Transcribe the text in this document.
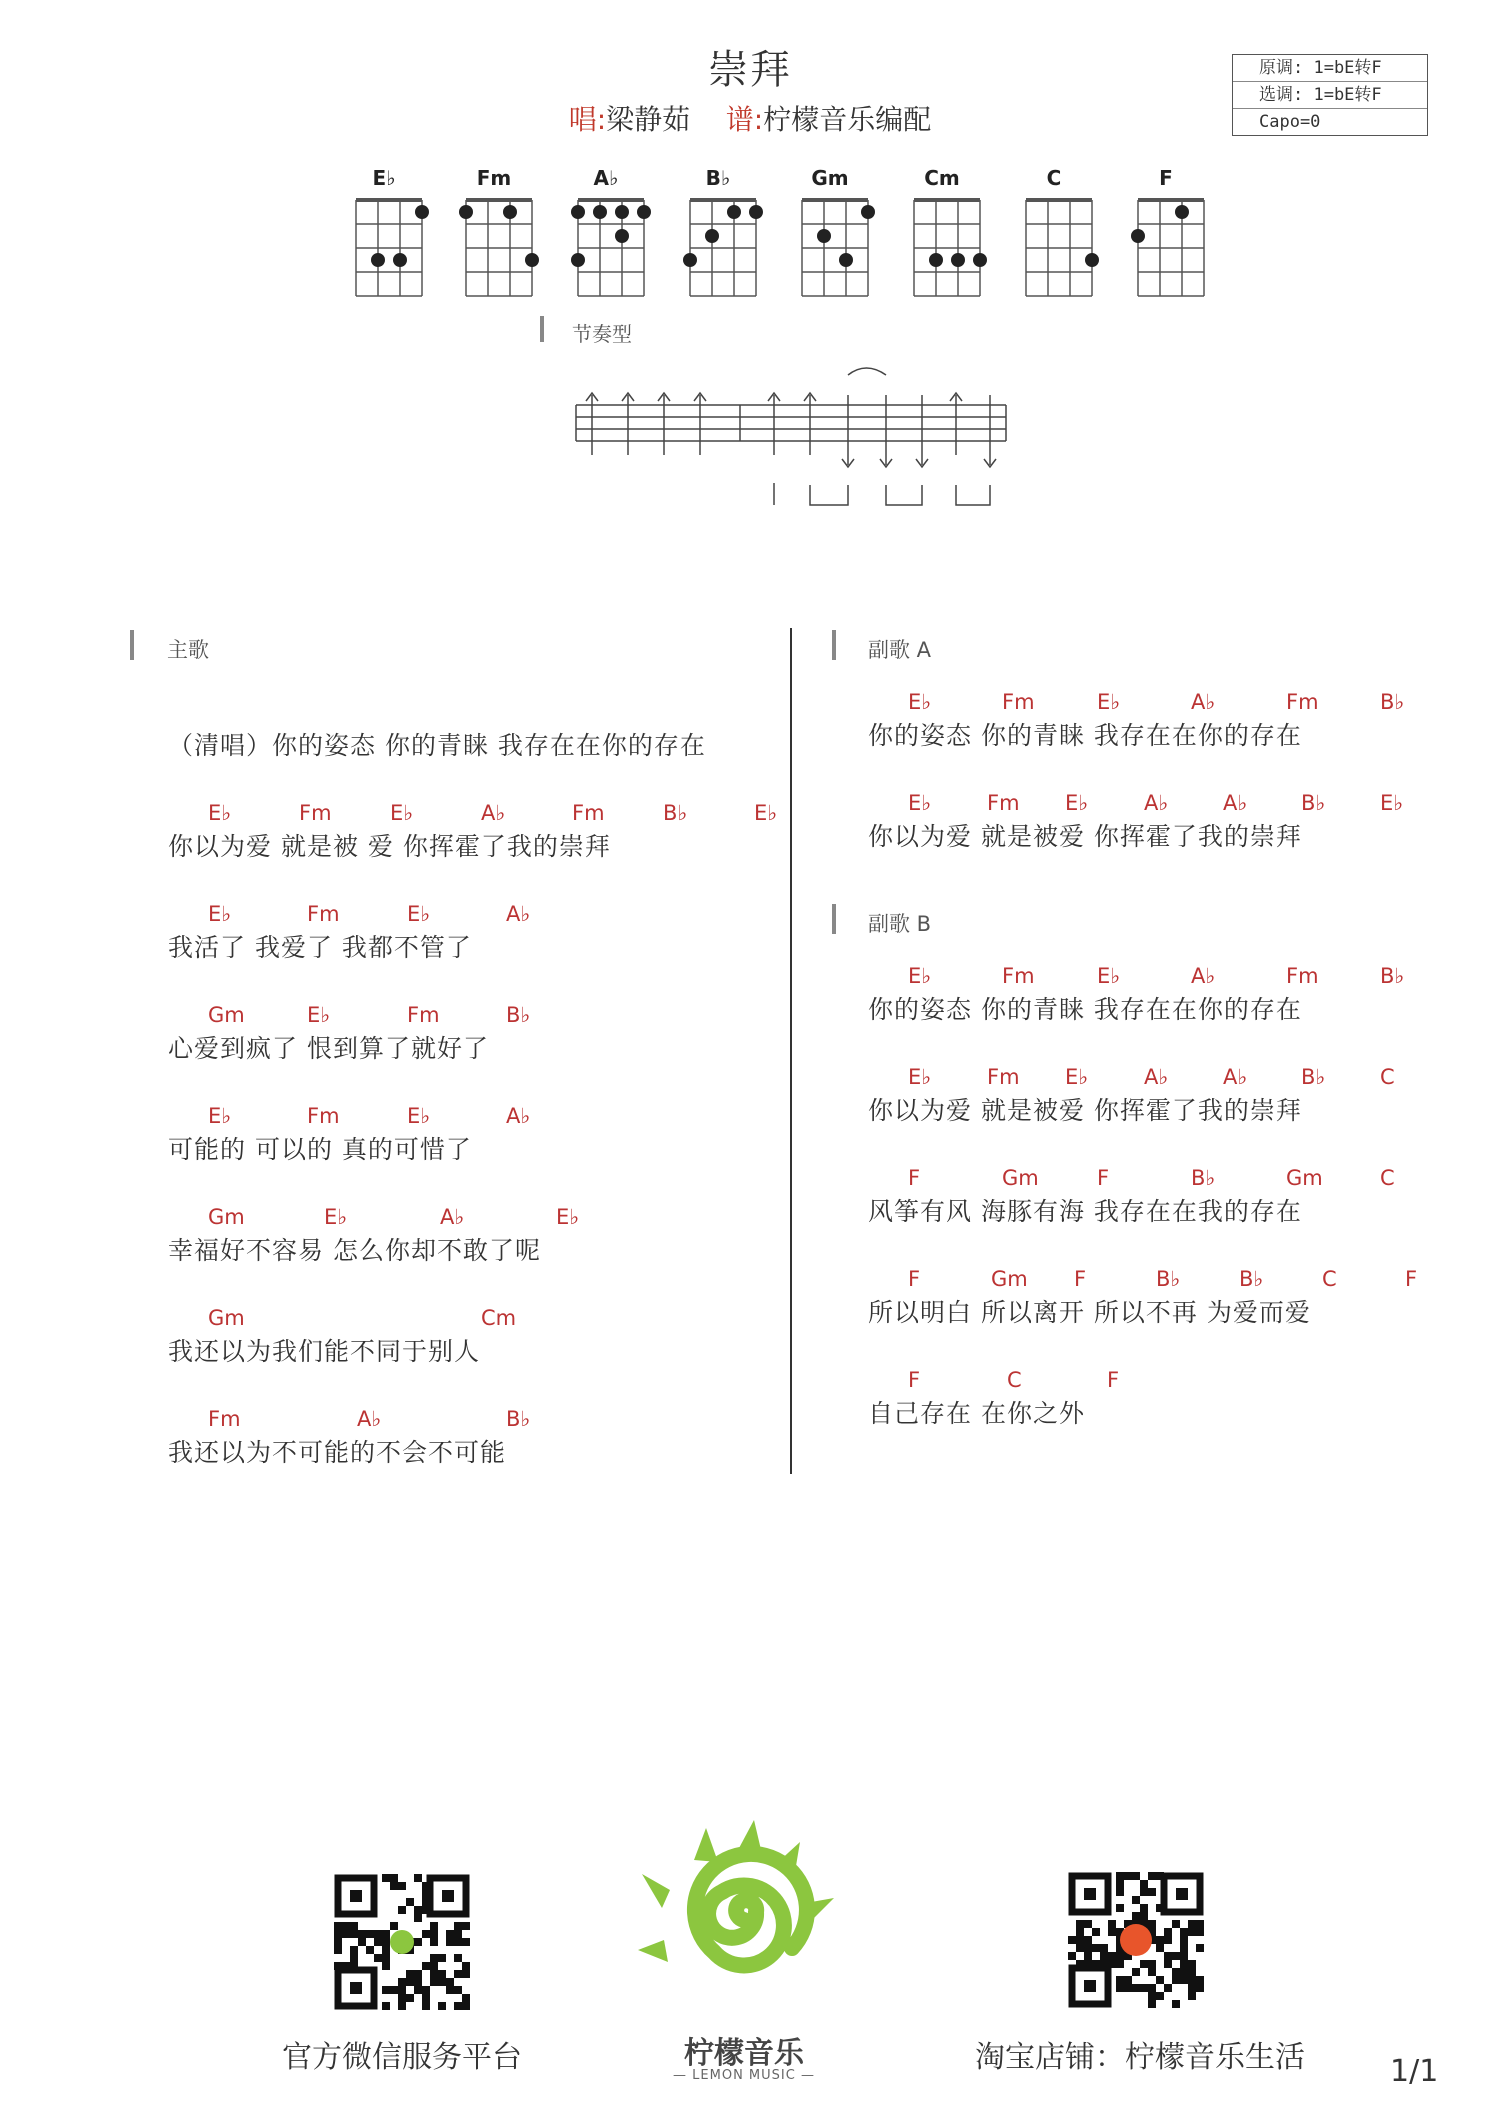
崇拜
唱:梁静茹 谱:柠檬音乐编配
原调: 1=bE转F
选调: 1=bE转F
Capo=0
E♭	Fm	A♭	B♭	Gm	Cm	C	F
节奏型
主歌
（清唱）你的姿态 你的青睐 我存在在你的存在
E♭	Fm	E♭	A♭	Fm	B♭	E♭
你以为爱 就是被 爱 你挥霍了我的崇拜
E♭	Fm	E♭	A♭
我活了 我爱了 我都不管了
Gm	E♭	Fm	B♭
心爱到疯了 恨到算了就好了
E♭	Fm	E♭	A♭
可能的 可以的 真的可惜了
Gm	E♭	A♭	E♭
幸福好不容易 怎么你却不敢了呢
Gm	Cm
我还以为我们能不同于别人
Fm	A♭	B♭
我还以为不可能的不会不可能
副歌 A
E♭	Fm	E♭	A♭	Fm	B♭
你的姿态 你的青睐 我存在在你的存在
E♭	Fm E♭	A♭	A♭	B♭	E♭
你以为爱 就是被爱 你挥霍了我的崇拜
副歌 B
E♭	Fm	E♭	A♭	Fm	B♭
你的姿态 你的青睐 我存在在你的存在
E♭	Fm E♭	A♭	A♭	B♭	C
你以为爱 就是被爱 你挥霍了我的崇拜
F	Gm	F	B♭	Gm	C
风筝有风 海豚有海 我存在在我的存在
F	Gm F	B♭	B♭	C	F
所以明白 所以离开 所以不再 为爱而爱
F	C	F
自己存在 在你之外
官方微信服务平台	柠檬音乐
— LEMON MUSIC —
淘宝店铺：柠檬音乐生活	1/1
